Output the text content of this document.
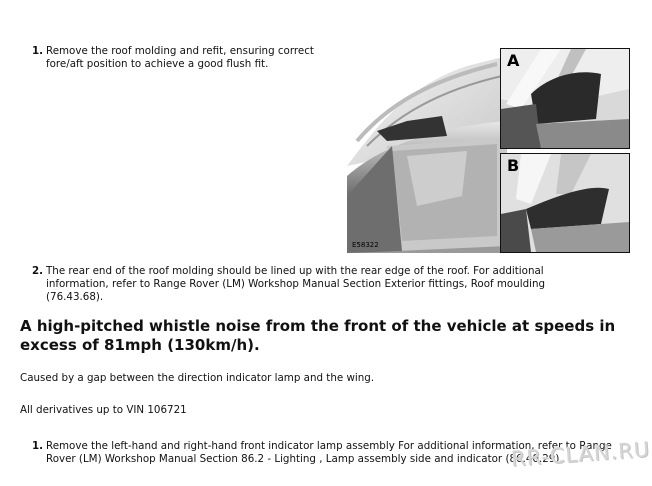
1. Remove the roof molding and refit, ensuring correct fore/aft position to achieve a good flush fit.	A
B
E58322
2. The rear end of the roof molding should be lined up with the rear edge of the roof. For additional information, refer to Range Rover (LM) Workshop Manual Section Exterior fittings, Roof moulding (76.43.68).
A high-pitched whistle noise from the front of the vehicle at speeds in excess of 81mph (130km/h).
Caused by a gap between the direction indicator lamp and the wing.
All derivatives up to VIN 106721
1. Remove the left-hand and right-hand front indicator lamp assembly For additional information, refer to Range Rover (LM) Workshop Manual Section 86.2 - Lighting , Lamp assembly side and indicator (86.40.29).
RR-CLAN.RU
